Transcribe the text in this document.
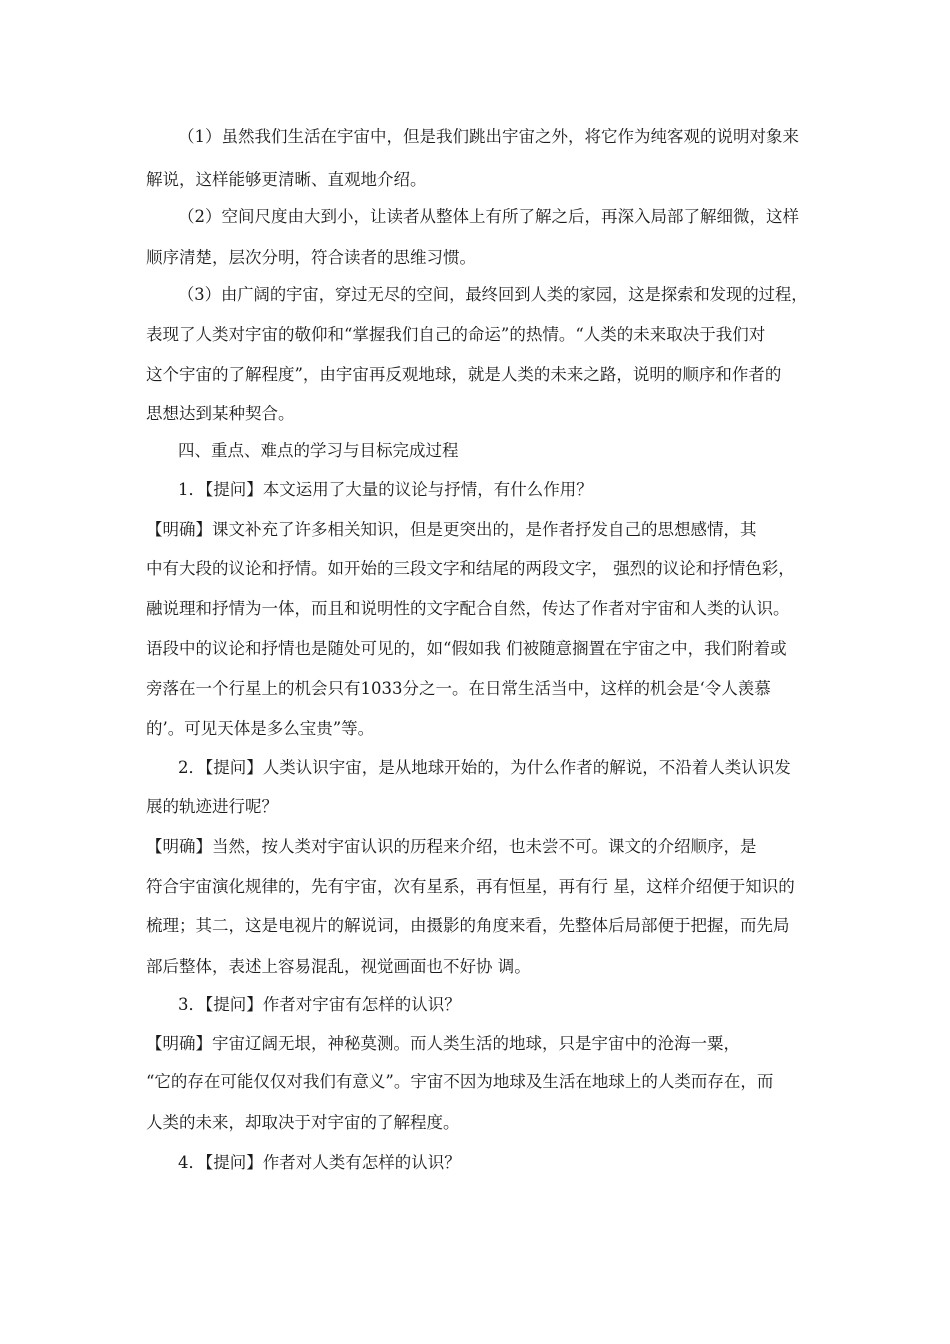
（1）虽然我们生活在宇宙中，但是我们跳出宇宙之外，将它作为纯客观的说明对象来
解说，这样能够更清晰、直观地介绍。
（2）空间尺度由大到小，让读者从整体上有所了解之后，再深入局部了解细微，这样
顺序清楚，层次分明，符合读者的思维习惯。
（3）由广阔的宇宙，穿过无尽的空间，最终回到人类的家园，这是探索和发现的过程，
表现了人类对宇宙的敬仰和“掌握我们自己的命运”的热情。“人类的未来取决于我们对
这个宇宙的了解程度”，由宇宙再反观地球，就是人类的未来之路，说明的顺序和作者的
思想达到某种契合。
四、重点、难点的学习与目标完成过程
1．【提问】本文运用了大量的议论与抒情，有什么作用？
【明确】课文补充了许多相关知识，但是更突出的，是作者抒发自己的思想感情，其
中有大段的议论和抒情。如开始的三段文字和结尾的两段文字， 强烈的议论和抒情色彩，
融说理和抒情为一体，而且和说明性的文字配合自然，传达了作者对宇宙和人类的认识。
语段中的议论和抒情也是随处可见的，如“假如我 们被随意搁置在宇宙之中，我们附着或
旁落在一个行星上的机会只有1033分之一。在日常生活当中，这样的机会是‘令人羡慕
的’。可见天体是多么宝贵”等。
2．【提问】人类认识宇宙，是从地球开始的，为什么作者的解说，不沿着人类认识发
展的轨迹进行呢？
【明确】当然，按人类对宇宙认识的历程来介绍，也未尝不可。课文的介绍顺序，是
符合宇宙演化规律的，先有宇宙，次有星系，再有恒星，再有行 星，这样介绍便于知识的
梳理；其二，这是电视片的解说词，由摄影的角度来看，先整体后局部便于把握，而先局
部后整体，表述上容易混乱，视觉画面也不好协 调。
3．【提问】作者对宇宙有怎样的认识？
【明确】宇宙辽阔无垠，神秘莫测。而人类生活的地球，只是宇宙中的沧海一粟，
“它的存在可能仅仅对我们有意义”。宇宙不因为地球及生活在地球上的人类而存在，而
人类的未来，却取决于对宇宙的了解程度。
4．【提问】作者对人类有怎样的认识？
